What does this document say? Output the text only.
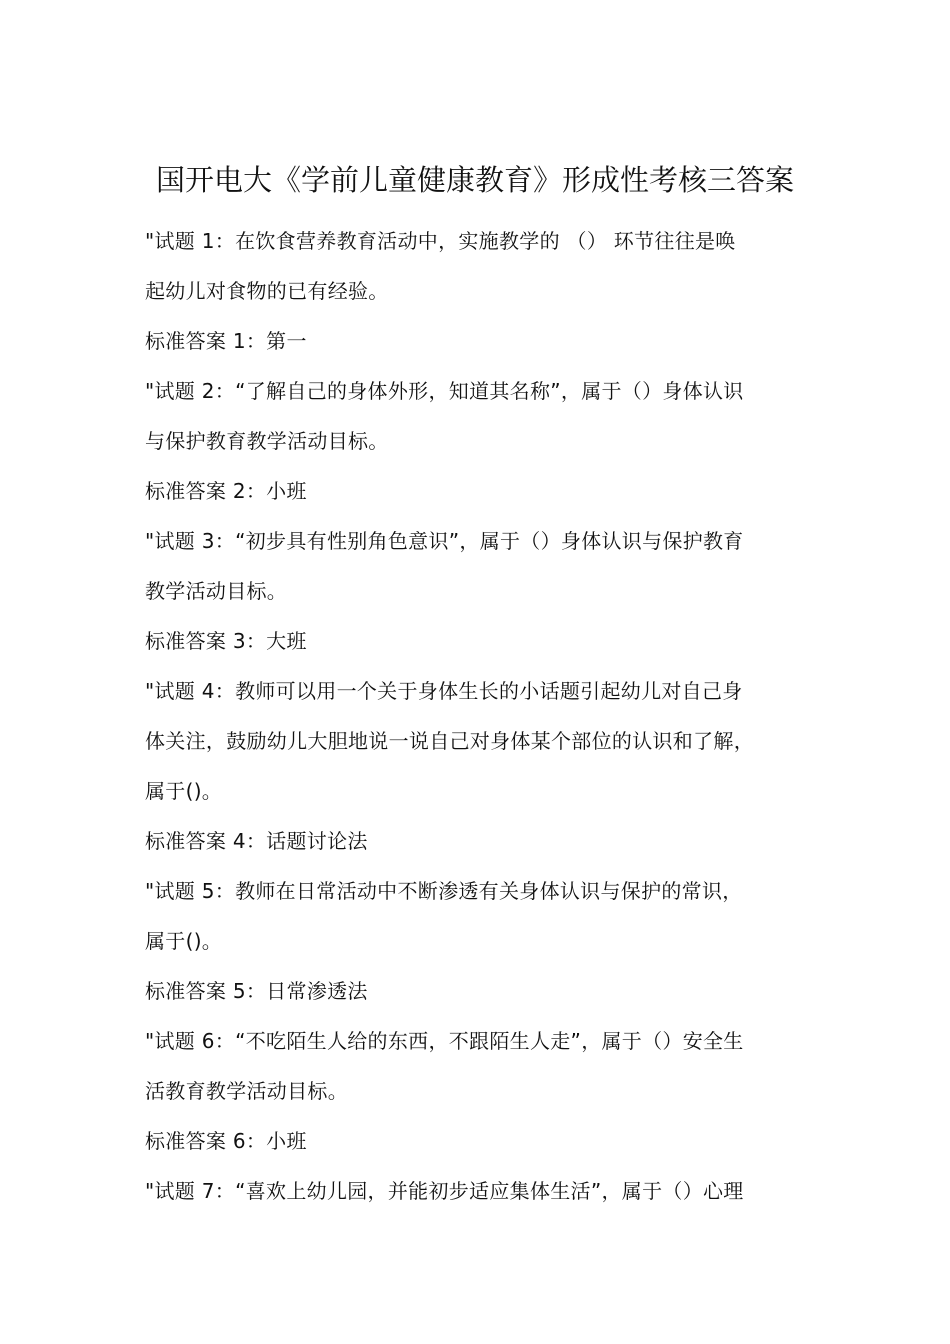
国开电大《学前儿童健康教育》形成性考核三答案
"试题 1：在饮食营养教育活动中，实施教学的 （） 环节往往是唤
起幼儿对食物的已有经验。
标准答案 1：第一
"试题 2：“了解自己的身体外形，知道其名称”，属于（）身体认识
与保护教育教学活动目标。
标准答案 2：小班
"试题 3：“初步具有性别角色意识”，属于（）身体认识与保护教育
教学活动目标。
标准答案 3：大班
"试题 4：教师可以用一个关于身体生长的小话题引起幼儿对自己身
体关注，鼓励幼儿大胆地说一说自己对身体某个部位的认识和了解，
属于()。
标准答案 4：话题讨论法
"试题 5：教师在日常活动中不断渗透有关身体认识与保护的常识，
属于()。
标准答案 5：日常渗透法
"试题 6：“不吃陌生人给的东西，不跟陌生人走”，属于（）安全生
活教育教学活动目标。
标准答案 6：小班
"试题 7：“喜欢上幼儿园，并能初步适应集体生活”，属于（）心理
